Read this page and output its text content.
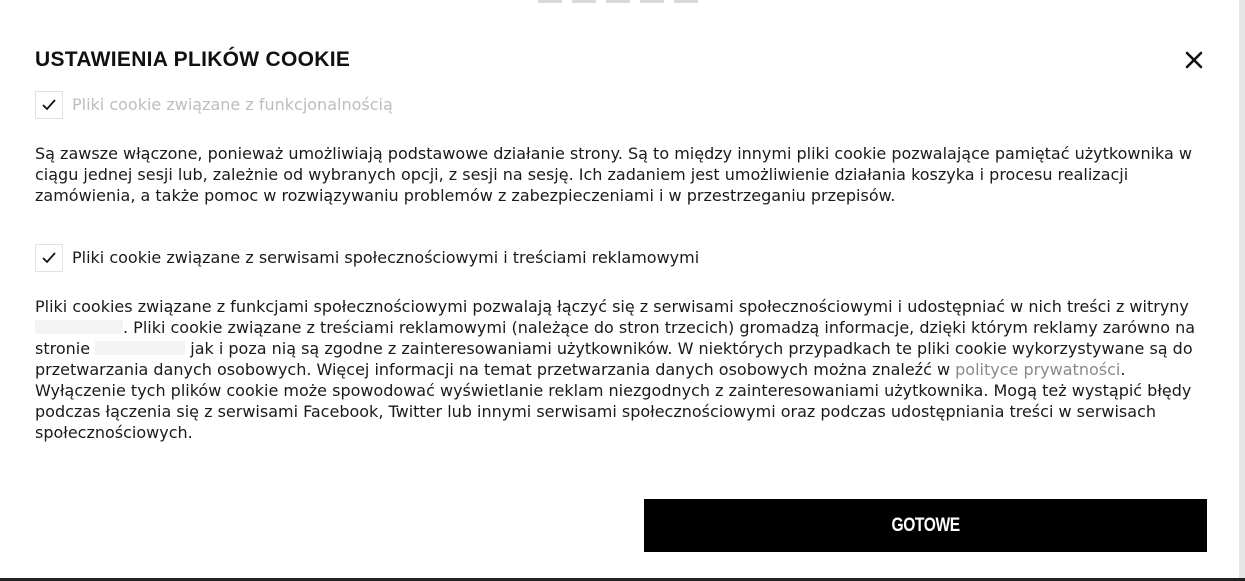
USTAWIENIA PLIKÓW COOKIE
Pliki cookie związane z funkcjonalnością

Są zawsze włączone, ponieważ umożliwiają podstawowe działanie strony. Są to między innymi pliki cookie pozwalające pamiętać użytkownika w ciągu jednej sesji lub, zależnie od wybranych opcji, z sesji na sesję. Ich zadaniem jest umożliwienie działania koszyka i procesu realizacji zamówienia, a także pomoc w rozwiązywaniu problemów z zabezpieczeniami i w przestrzeganiu przepisów.

Pliki cookie związane z serwisami społecznościowymi i treściami reklamowymi

Pliki cookies związane z funkcjami społecznościowymi pozwalają łączyć się z serwisami społecznościowymi i udostępniać w nich treści z witryny . Pliki cookie związane z treściami reklamowymi (należące do stron trzecich) gromadzą informacje, dzięki którym reklamy zarówno na stronie	jak i poza nią są zgodne z zainteresowaniami użytkowników. W niektórych przypadkach te pliki cookie wykorzystywane są do przetwarzania danych osobowych. Więcej informacji na temat przetwarzania danych osobowych można znaleźć w polityce prywatności. Wyłączenie tych plików cookie może spowodować wyświetlanie reklam niezgodnych z zainteresowaniami użytkownika. Mogą też wystąpić błędy podczas łączenia się z serwisami Facebook, Twitter lub innymi serwisami społecznościowymi oraz podczas udostępniania treści w serwisach społecznościowych.

GOTOWE
